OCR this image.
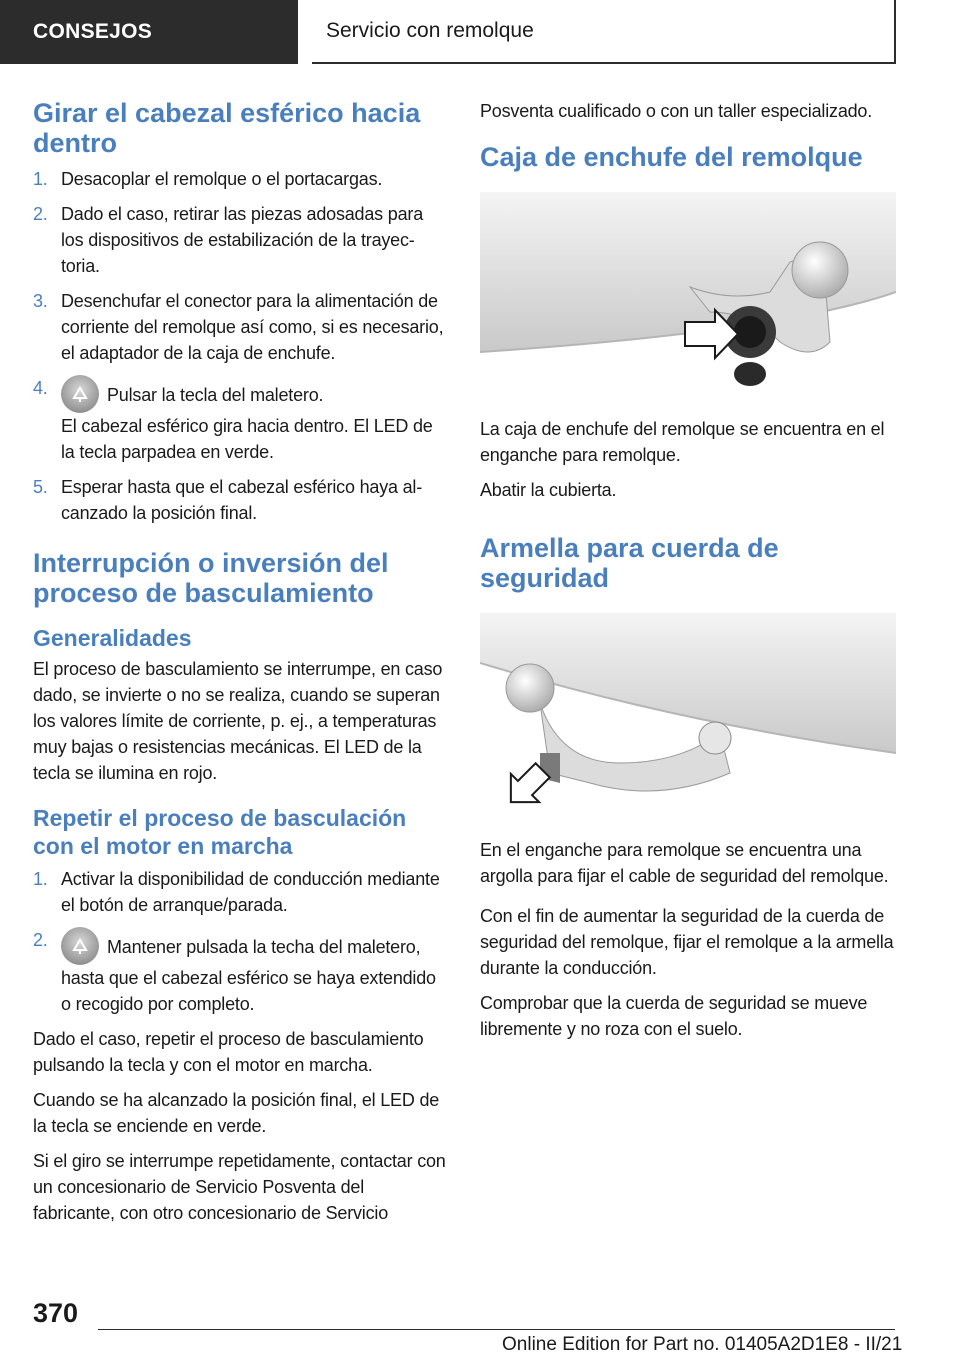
CONSEJOS	Servicio con remolque
Girar el cabezal esférico hacia dentro
1. Desacoplar el remolque o el portacargas.
2. Dado el caso, retirar las piezas adosadas para los dispositivos de estabilización de la trayectoria.
3. Desenchufar el conector para la alimentación de corriente del remolque así como, si es necesario, el adaptador de la caja de enchufe.
4.	Pulsar la tecla del maletero.
El cabezal esférico gira hacia dentro. El LED de la tecla parpadea en verde.
5. Esperar hasta que el cabezal esférico haya alcanzado la posición final.
Interrupción o inversión del proceso de basculamiento
Generalidades

El proceso de basculamiento se interrumpe, en caso dado, se invierte o no se realiza, cuando se superan los valores límite de corriente, p. ej., a temperaturas muy bajas o resistencias mecánicas. El LED de la tecla se ilumina en rojo.

Repetir el proceso de basculación con el motor en marcha
1. Activar la disponibilidad de conducción mediante el botón de arranque/parada.
2.	Mantener pulsada la techa del maletero, hasta que el cabezal esférico se haya extendido o recogido por completo.

Dado el caso, repetir el proceso de basculamiento pulsando la tecla y con el motor en marcha.

Cuando se ha alcanzado la posición final, el LED de la tecla se enciende en verde.

Si el giro se interrumpe repetidamente, contactar con un concesionario de Servicio Posventa del fabricante, con otro concesionario de Servicio

Posventa cualificado o con un taller especializado.

Caja de enchufe del remolque

La caja de enchufe del remolque se encuentra en el enganche para remolque.

Abatir la cubierta.

Armella para cuerda de seguridad

En el enganche para remolque se encuentra una argolla para fijar el cable de seguridad del remolque.

Con el fin de aumentar la seguridad de la cuerda de seguridad del remolque, fijar el remolque a la armella durante la conducción.

Comprobar que la cuerda de seguridad se mueve libremente y no roza con el suelo.

370
Online Edition for Part no. 01405A2D1E8 - II/21
